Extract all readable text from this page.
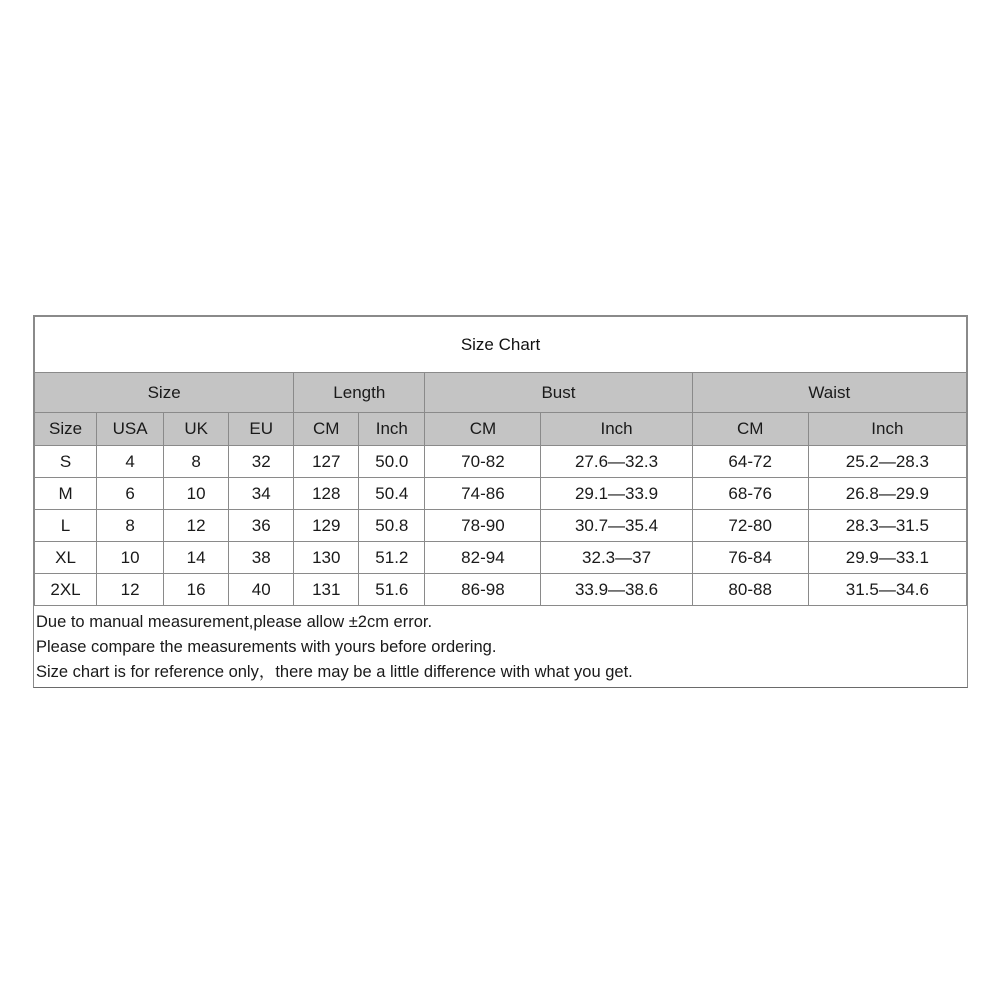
Size Chart									
Size				Length		Bust		Waist	
Size	USA	UK	EU	CM	Inch	CM	Inch	CM	Inch
S	4	8	32	127	50.0	70-82	27.6—32.3	64-72	25.2—28.3
M	6	10	34	128	50.4	74-86	29.1—33.9	68-76	26.8—29.9
L	8	12	36	129	50.8	78-90	30.7—35.4	72-80	28.3—31.5
XL	10	14	38	130	51.2	82-94	32.3—37	76-84	29.9—33.1
2XL	12	16	40	131	51.6	86-98	33.9—38.6	80-88	31.5—34.6
Due to manual measurement,please allow ±2cm error.
Please compare the measurements with yours before ordering.
Size chart is for reference only，there may be a little difference with what you get.
